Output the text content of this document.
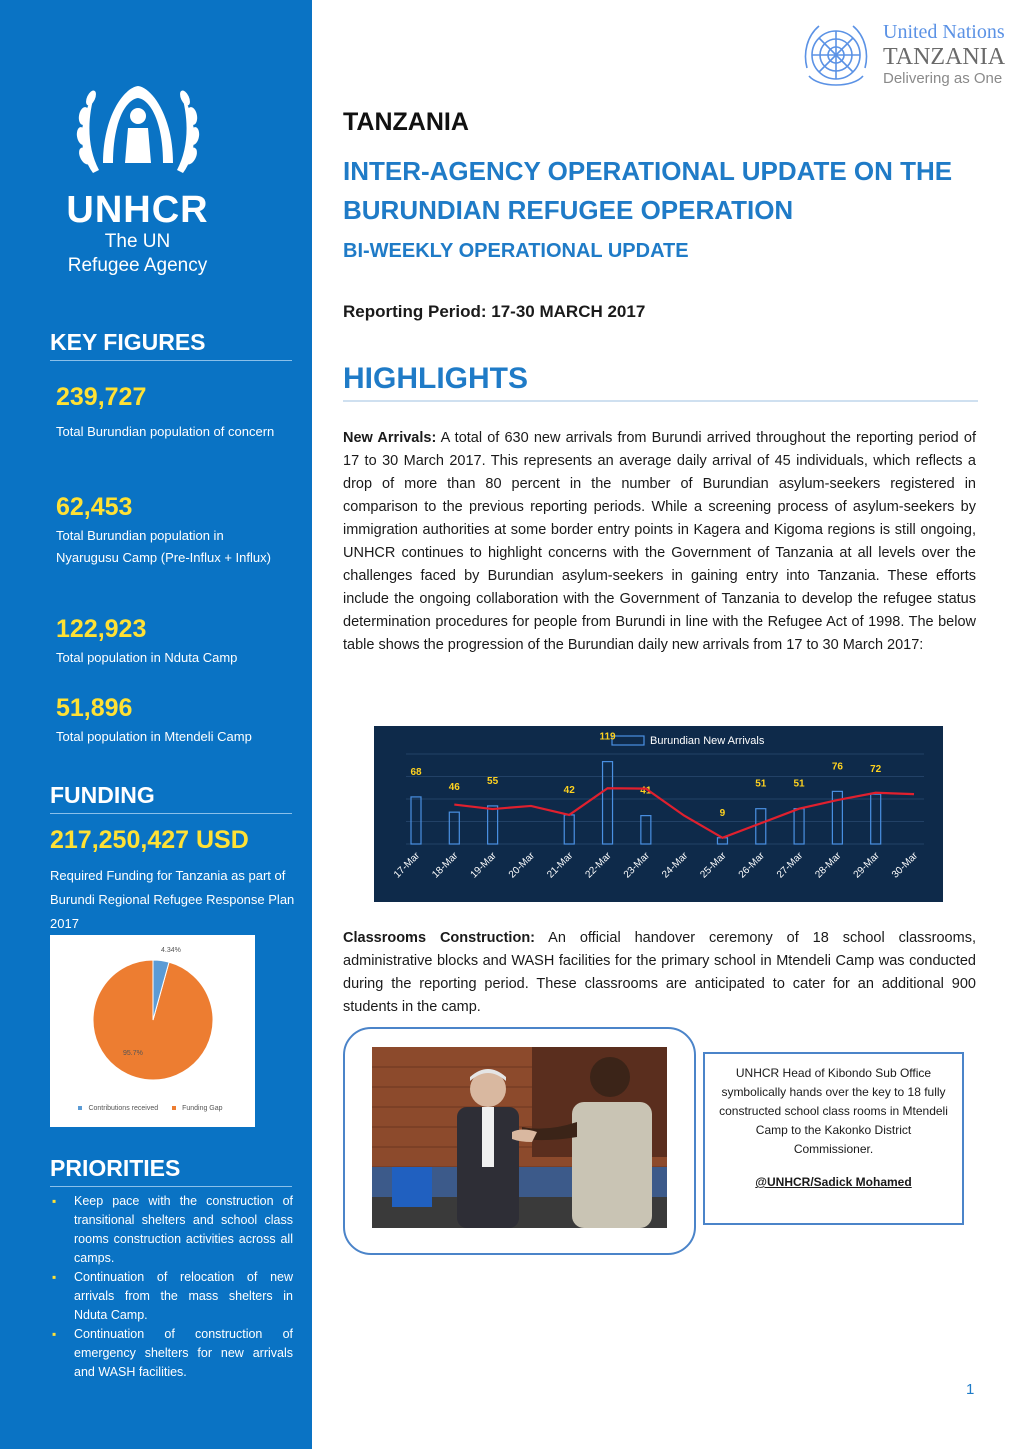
UNHCR
The UN
Refugee Agency
KEY FIGURES
239,727
Total Burundian population of concern
62,453
Total Burundian population in Nyarugusu Camp (Pre-Influx + Influx)
122,923
Total population in Nduta Camp
51,896
Total population in Mtendeli Camp
FUNDING
217,250,427 USD
Required Funding for Tanzania as part of Burundi Regional Refugee Response Plan 2017
4.34%
95.7%
Contributions received	Funding Gap
PRIORITIES
▪ Keep pace with the construction of transitional shelters and school class rooms construction activities across all camps.
▪ Continuation of relocation of new arrivals from the mass shelters in Nduta Camp.
▪ Continuation of construction of emergency shelters for new arrivals and WASH facilities.
United Nations
TANZANIA
Delivering as One
TANZANIA
INTER-AGENCY OPERATIONAL UPDATE ON THE BURUNDIAN REFUGEE OPERATION
BI-WEEKLY OPERATIONAL UPDATE
Reporting Period: 17-30 MARCH 2017
HIGHLIGHTS

New Arrivals: A total of 630 new arrivals from Burundi arrived throughout the reporting period of 17 to 30 March 2017. This represents an average daily arrival of 45 individuals, which reflects a drop of more than 80 percent in the number of Burundian asylum-seekers registered in comparison to the previous reporting periods. While a screening process of asylum-seekers by immigration authorities at some border entry points in Kagera and Kigoma regions is still ongoing, UNHCR continues to highlight concerns with the Government of Tanzania at all levels over the challenges faced by Burundian asylum-seekers in gaining entry into Tanzania. These efforts include the ongoing collaboration with the Government of Tanzania to develop the refugee status determination procedures for people from Burundi in line with the Refugee Act of 1998. The below table shows the progression of the Burundian daily new arrivals from 17 to 30 March 2017:

Burundian New Arrivals
68
17-Mar
46
18-Mar
55
19-Mar 20-Mar
42
21-Mar
119
22-Mar
41
23-Mar 24-Mar
9
25-Mar
51
26-Mar
51
27-Mar
76
28-Mar
72
29-Mar 30-Mar

Classrooms Construction: An official handover ceremony of 18 school classrooms, administrative blocks and WASH facilities for the primary school in Mtendeli Camp was conducted during the reporting period. These classrooms are anticipated to cater for an additional 900 students in the camp.

UNHCR Head of Kibondo Sub Office symbolically hands over the key to 18 fully constructed school class rooms in Mtendeli Camp to the Kakonko District Commissioner.
@UNHCR/Sadick Mohamed
1
